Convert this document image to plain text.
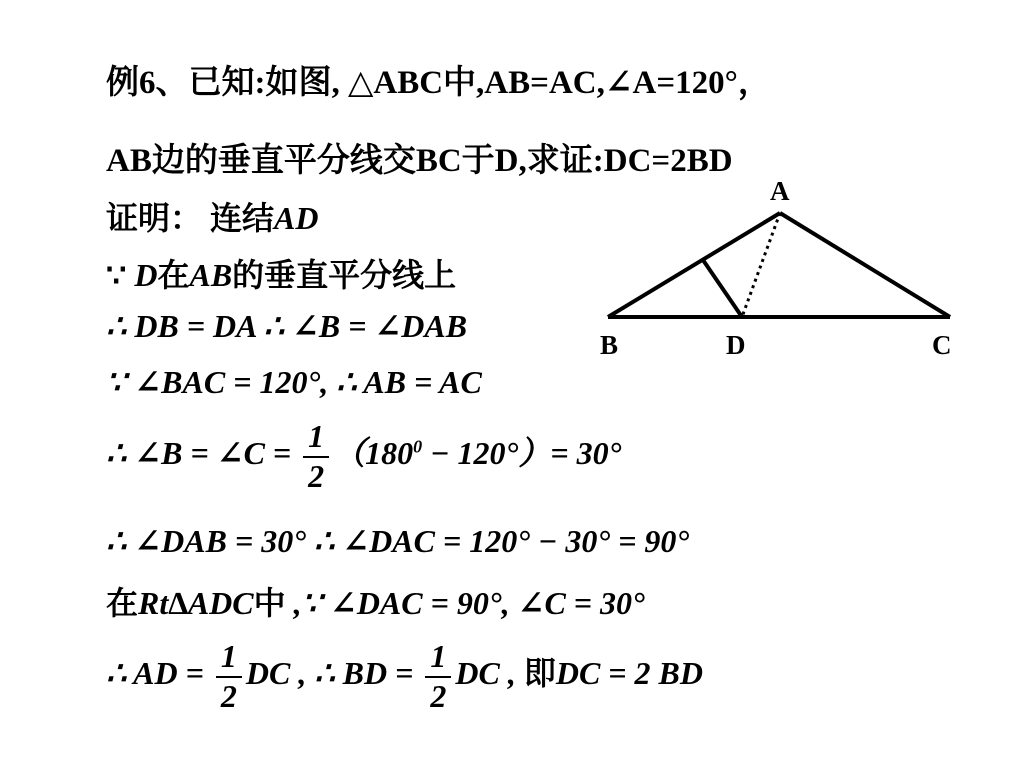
例6、已知:如图, △ABC中,AB=AC,∠A=120°，
AB边的垂直平分线交BC于D,求证:DC=2BD
证明： 连结AD
∵ D在AB的垂直平分线上
∴ DB = DA ∴ ∠B = ∠DAB
∵ ∠BAC = 120°, ∴ AB = AC
∴ ∠B = ∠C = $\frac{1}{2} (180^0 - 120^\circ)= 30^\circ$
∴ ∠DAB = 30° ∴ ∠DAC = 120° − 30° = 90°
在Rt∆ADC中 ,∵ ∠DAC = 90°, ∠C = 30°
∴ AD = $\frac{1}{2}$ DC , ∴ BD = $\frac{1}{2}$ DC , 即DC = 2 BD
A
B	D	C
